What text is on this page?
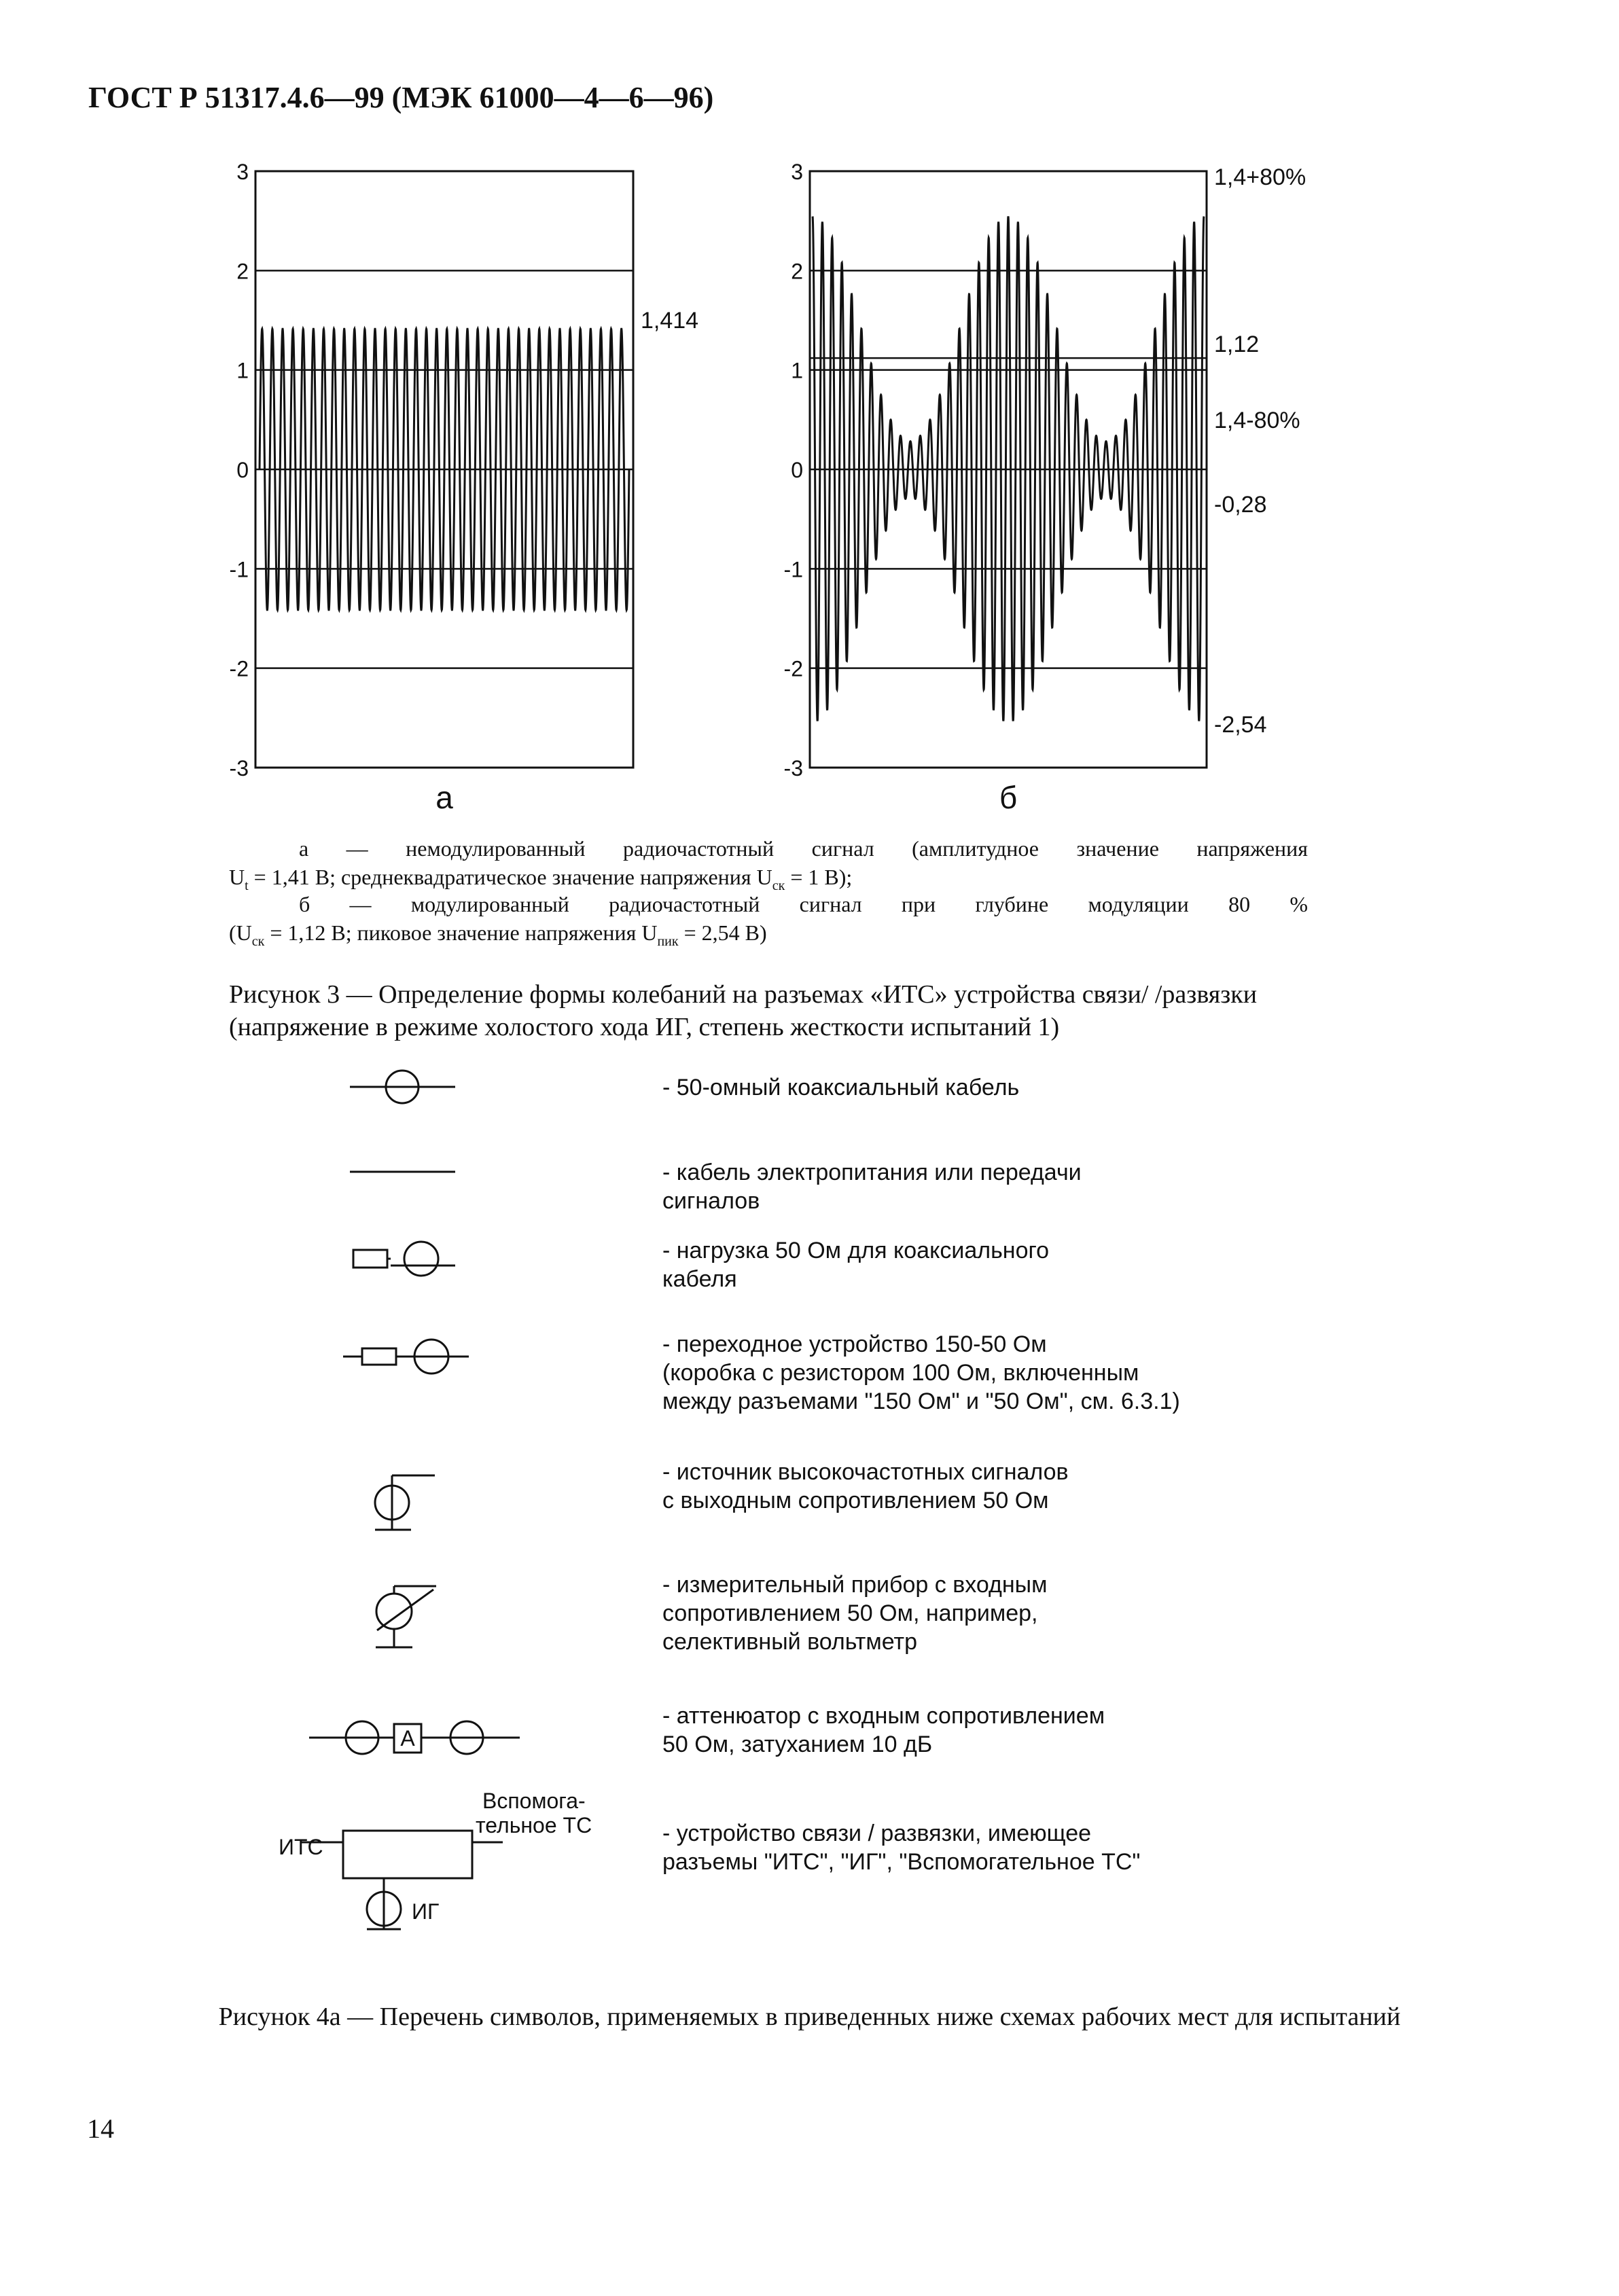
ГОСТ Р 51317.4.6—99 (МЭК 61000—4—6—96)
3
2
1
0
-1
-2
-3
1,414
а
3
2
1
0
-1
-2
-3
1,4+80%
1,12
1,4-80%
-0,28
-2,54
б
а — немодулированный радиочастотный сигнал (амплитудное значение напряжения
$U_t = 1,41$ В; среднеквадратическое значение напряжения $U_{ск} = 1$ В);
б — модулированный радиочастотный сигнал при глубине модуляции 80 %
($U_{ск} = 1,12$ В; пиковое значение напряжения $U_{пик} = 2,54$ В)
Рисунок 3 — Определение формы колебаний на разъемах «ИТС» устройства связи/ /развязки (напряжение в режиме холостого хода ИГ, степень жесткости испытаний 1)
A
ИТС
Вспомога-
тельное ТС
ИГ
- 50-омный коаксиальный кабель
- кабель электропитания или передачи
сигналов
- нагрузка 50 Ом для коаксиального
кабеля
- переходное устройство 150-50 Ом
(коробка с резистором 100 Ом, включенным
между разъемами "150 Ом" и "50 Ом", см. 6.3.1)
- источник высокочастотных сигналов
с выходным сопротивлением 50 Ом
- измерительный прибор с входным
сопротивлением 50 Ом, например,
селективный вольтметр
- аттенюатор с входным сопротивлением
50 Ом, затуханием 10 дБ
- устройство связи / развязки, имеющее
разъемы "ИТС", "ИГ", "Вспомогательное ТС"
Рисунок 4а — Перечень символов, применяемых в приведенных ниже схемах рабочих мест для испытаний
14
